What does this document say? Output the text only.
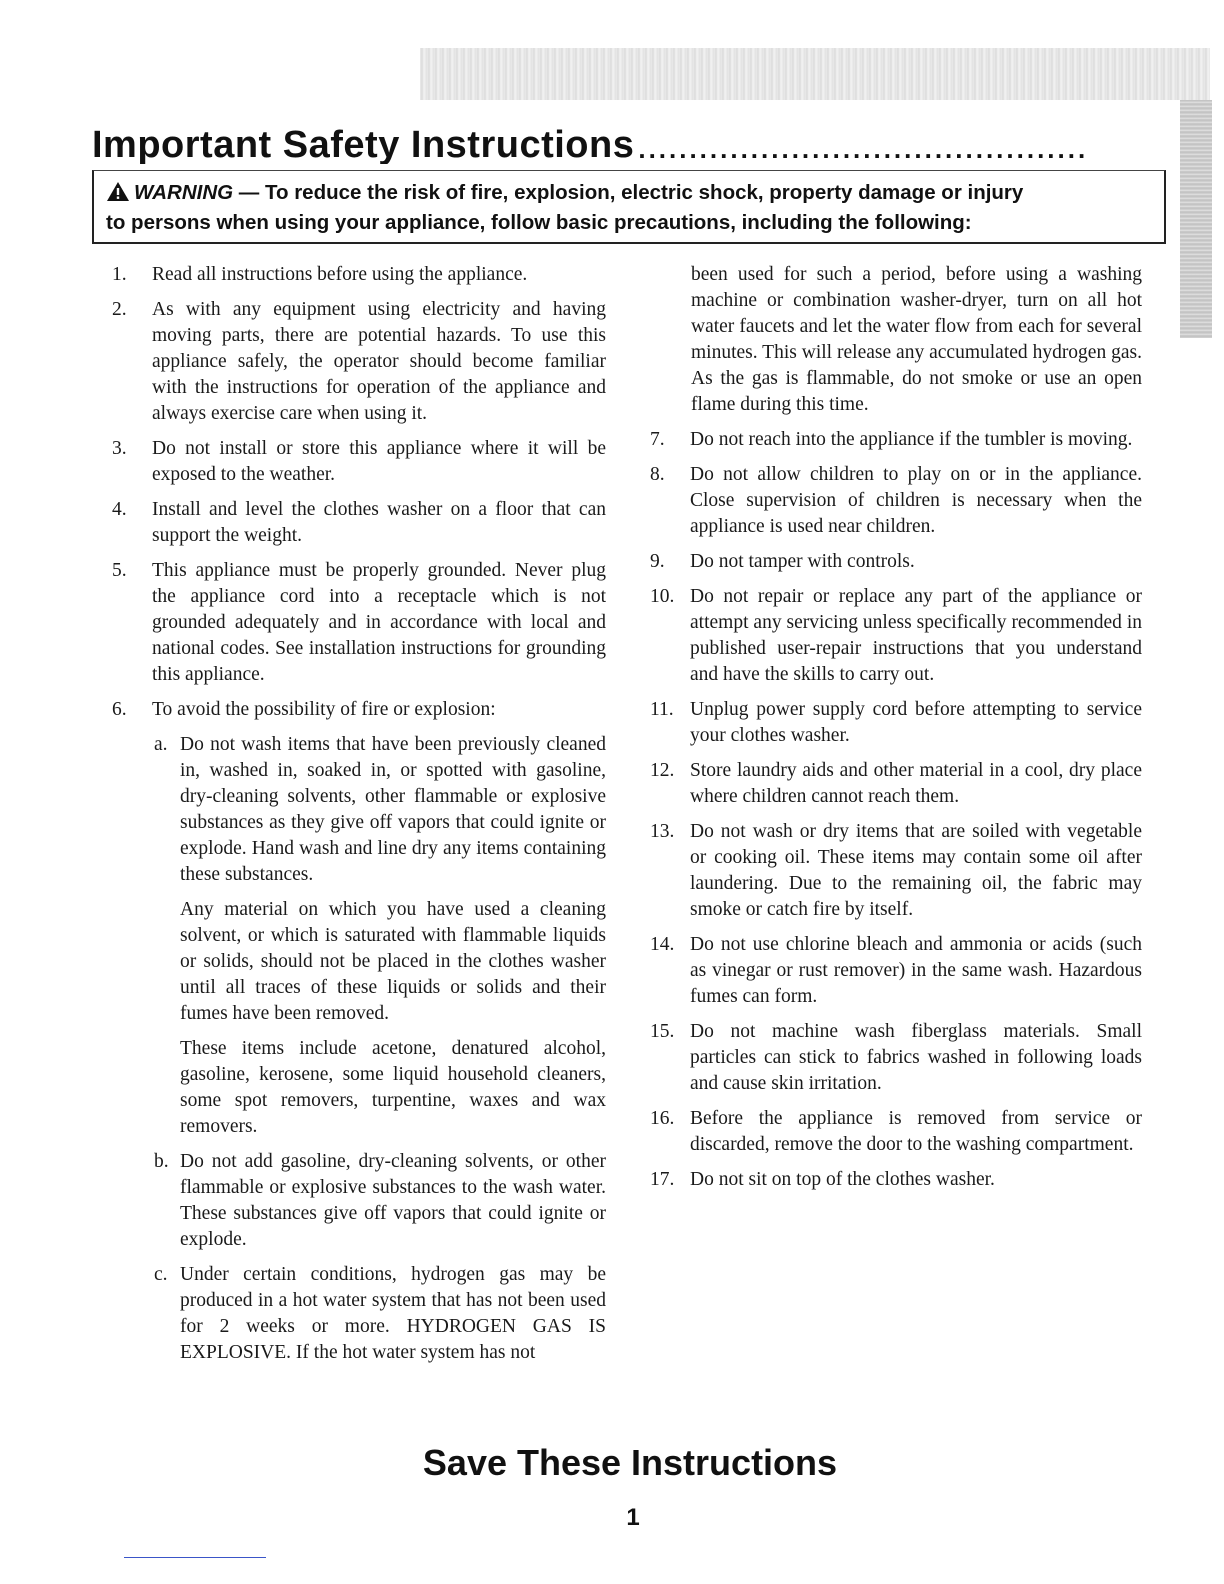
Important Safety Instructions ............................................
WARNING — To reduce the risk of fire, explosion, electric shock, property damage or injury
to persons when using your appliance, follow basic precautions, including the following:
1.	Read all instructions before using the appliance.
2.	As with any equipment using electricity and having moving parts, there are potential hazards. To use this appliance safely, the operator should become familiar with the instructions for operation of the appliance and always exercise care when using it.
3.	Do not install or store this appliance where it will be exposed to the weather.
4.	Install and level the clothes washer on a floor that can support the weight.
5.	This appliance must be properly grounded. Never plug the appliance cord into a receptacle which is not grounded adequately and in accordance with local and national codes. See installation instructions for grounding this appliance.
6.	To avoid the possibility of fire or explosion:
a. Do not wash items that have been previously cleaned in, washed in, soaked in, or spotted with gasoline, dry-cleaning solvents, other flammable or explosive substances as they give off vapors that could ignite or explode. Hand wash and line dry any items containing these substances.
Any material on which you have used a cleaning solvent, or which is saturated with flammable liquids or solids, should not be placed in the clothes washer until all traces of these liquids or solids and their fumes have been removed.
These items include acetone, denatured alcohol, gasoline, kerosene, some liquid household cleaners, some spot removers, turpentine, waxes and wax removers.
b. Do not add gasoline, dry-cleaning solvents, or other flammable or explosive substances to the wash water. These substances give off vapors that could ignite or explode.
c. Under certain conditions, hydrogen gas may be produced in a hot water system that has not been used for 2 weeks or more. HYDROGEN GAS IS EXPLOSIVE. If the hot water system has not
been used for such a period, before using a washing machine or combination washer-dryer, turn on all hot water faucets and let the water flow from each for several minutes. This will release any accumulated hydrogen gas. As the gas is flammable, do not smoke or use an open flame during this time.
7.	Do not reach into the appliance if the tumbler is moving.
8.	Do not allow children to play on or in the appliance. Close supervision of children is necessary when the appliance is used near children.
9.	Do not tamper with controls.
10. Do not repair or replace any part of the appliance or attempt any servicing unless specifically recommended in published user-repair instructions that you understand and have the skills to carry out.
11. Unplug power supply cord before attempting to service your clothes washer.
12. Store laundry aids and other material in a cool, dry place where children cannot reach them.
13. Do not wash or dry items that are soiled with vegetable or cooking oil. These items may contain some oil after laundering. Due to the remaining oil, the fabric may smoke or catch fire by itself.
14. Do not use chlorine bleach and ammonia or acids (such as vinegar or rust remover) in the same wash. Hazardous fumes can form.
15. Do not machine wash fiberglass materials. Small particles can stick to fabrics washed in following loads and cause skin irritation.
16. Before the appliance is removed from service or discarded, remove the door to the washing compartment.
17. Do not sit on top of the clothes washer.
Save These Instructions
1
